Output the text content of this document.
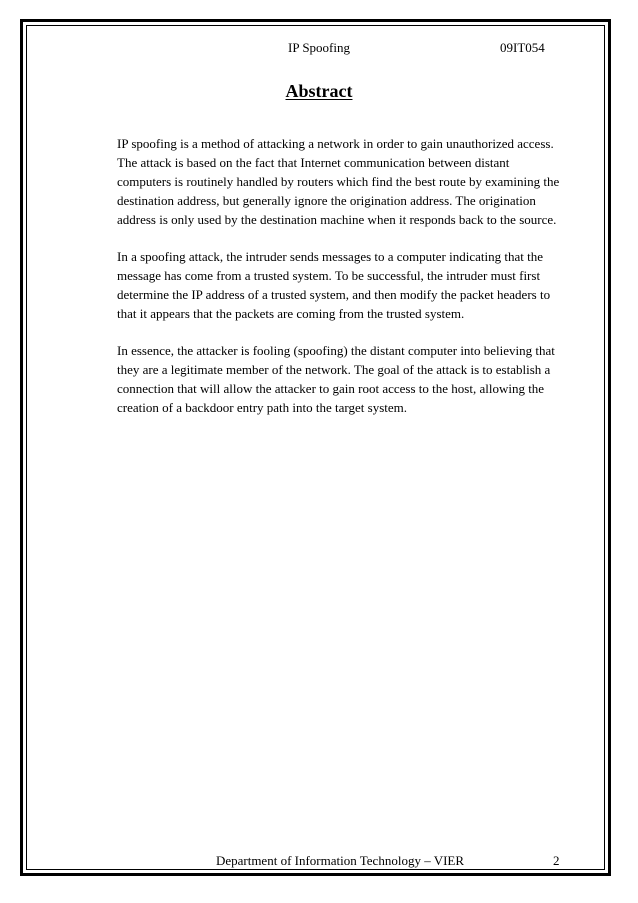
IP Spoofing	09IT054
Abstract

IP spoofing is a method of attacking a network in order to gain unauthorized access.
The attack is based on the fact that Internet communication between distant
computers is routinely handled by routers which find the best route by examining the
destination address, but generally ignore the origination address. The origination
address is only used by the destination machine when it responds back to the source.

In a spoofing attack, the intruder sends messages to a computer indicating that the
message has come from a trusted system. To be successful, the intruder must first
determine the IP address of a trusted system, and then modify the packet headers to
that it appears that the packets are coming from the trusted system.

In essence, the attacker is fooling (spoofing) the distant computer into believing that
they are a legitimate member of the network. The goal of the attack is to establish a
connection that will allow the attacker to gain root access to the host, allowing the
creation of a backdoor entry path into the target system.

Department of Information Technology – VIER	2
